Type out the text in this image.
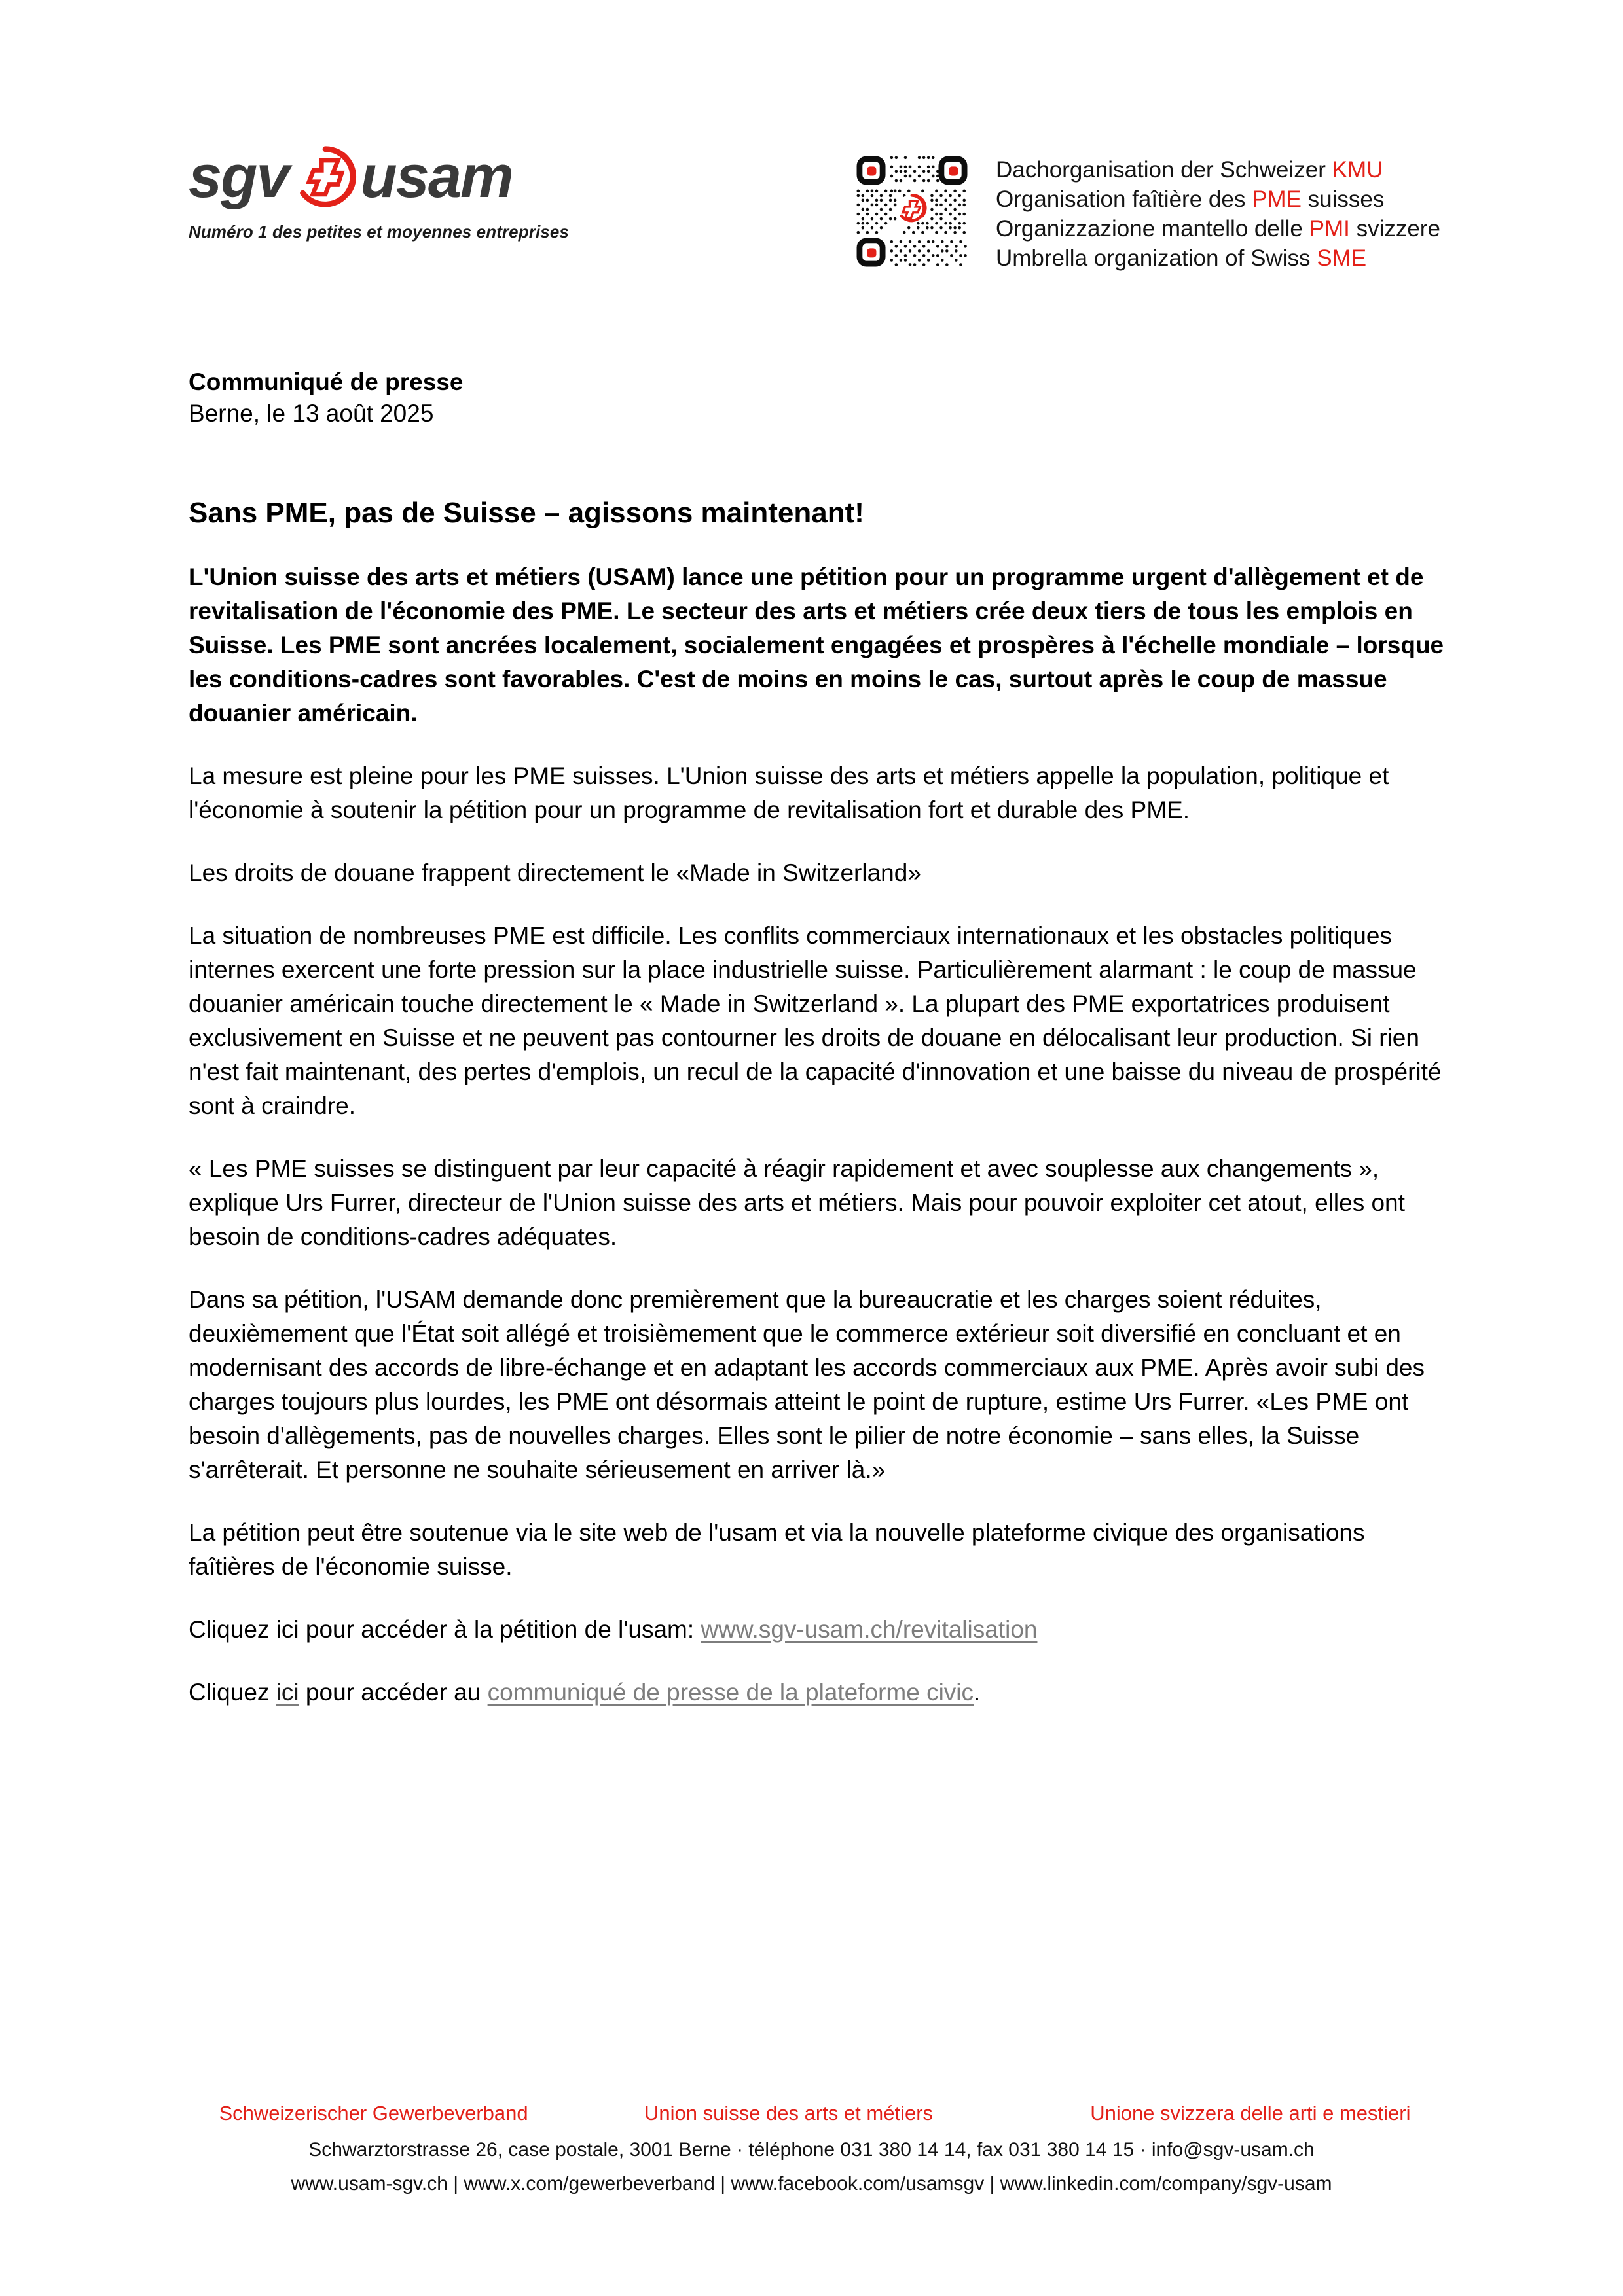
sgv usam
Numéro 1 des petites et moyennes entreprises
Dachorganisation der Schweizer KMU
Organisation faîtière des PME suisses
Organizzazione mantello delle PMI svizzere
Umbrella organization of Swiss SME
Communiqué de presse
Berne, le 13 août 2025
Sans PME, pas de Suisse – agissons maintenant!

L'Union suisse des arts et métiers (USAM) lance une pétition pour un programme urgent d'allègement et de revitalisation de l'économie des PME. Le secteur des arts et métiers crée deux tiers de tous les emplois en Suisse. Les PME sont ancrées localement, socialement engagées et prospères à l'échelle mondiale – lorsque les conditions-cadres sont favorables. C'est de moins en moins le cas, surtout après le coup de massue douanier américain.

La mesure est pleine pour les PME suisses. L'Union suisse des arts et métiers appelle la population, politique et l'économie à soutenir la pétition pour un programme de revitalisation fort et durable des PME.

Les droits de douane frappent directement le «Made in Switzerland»

La situation de nombreuses PME est difficile. Les conflits commerciaux internationaux et les obstacles politiques internes exercent une forte pression sur la place industrielle suisse. Particulièrement alarmant : le coup de massue douanier américain touche directement le « Made in Switzerland ». La plupart des PME exportatrices produisent exclusivement en Suisse et ne peuvent pas contourner les droits de douane en délocalisant leur production. Si rien n'est fait maintenant, des pertes d'emplois, un recul de la capacité d'innovation et une baisse du niveau de prospérité sont à craindre.

« Les PME suisses se distinguent par leur capacité à réagir rapidement et avec souplesse aux changements », explique Urs Furrer, directeur de l'Union suisse des arts et métiers. Mais pour pouvoir exploiter cet atout, elles ont besoin de conditions-cadres adéquates.

Dans sa pétition, l'USAM demande donc premièrement que la bureaucratie et les charges soient réduites, deuxièmement que l'État soit allégé et troisièmement que le commerce extérieur soit diversifié en concluant et en modernisant des accords de libre-échange et en adaptant les accords commerciaux aux PME. Après avoir subi des charges toujours plus lourdes, les PME ont désormais atteint le point de rupture, estime Urs Furrer. «Les PME ont besoin d'allègements, pas de nouvelles charges. Elles sont le pilier de notre économie – sans elles, la Suisse s'arrêterait. Et personne ne souhaite sérieusement en arriver là.»

La pétition peut être soutenue via le site web de l'usam et via la nouvelle plateforme civique des organisations faîtières de l'économie suisse.

Cliquez ici pour accéder à la pétition de l'usam: www.sgv-usam.ch/revitalisation

Cliquez ici pour accéder au communiqué de presse de la plateforme civic.

Schweizerischer Gewerbeverband	Union suisse des arts et métiers	Unione svizzera delle arti e mestieri
Schwarztorstrasse 26, case postale, 3001 Berne · téléphone 031 380 14 14, fax 031 380 14 15 · info@sgv-usam.ch
www.usam-sgv.ch | www.x.com/gewerbeverband | www.facebook.com/usamsgv | www.linkedin.com/company/sgv-usam
